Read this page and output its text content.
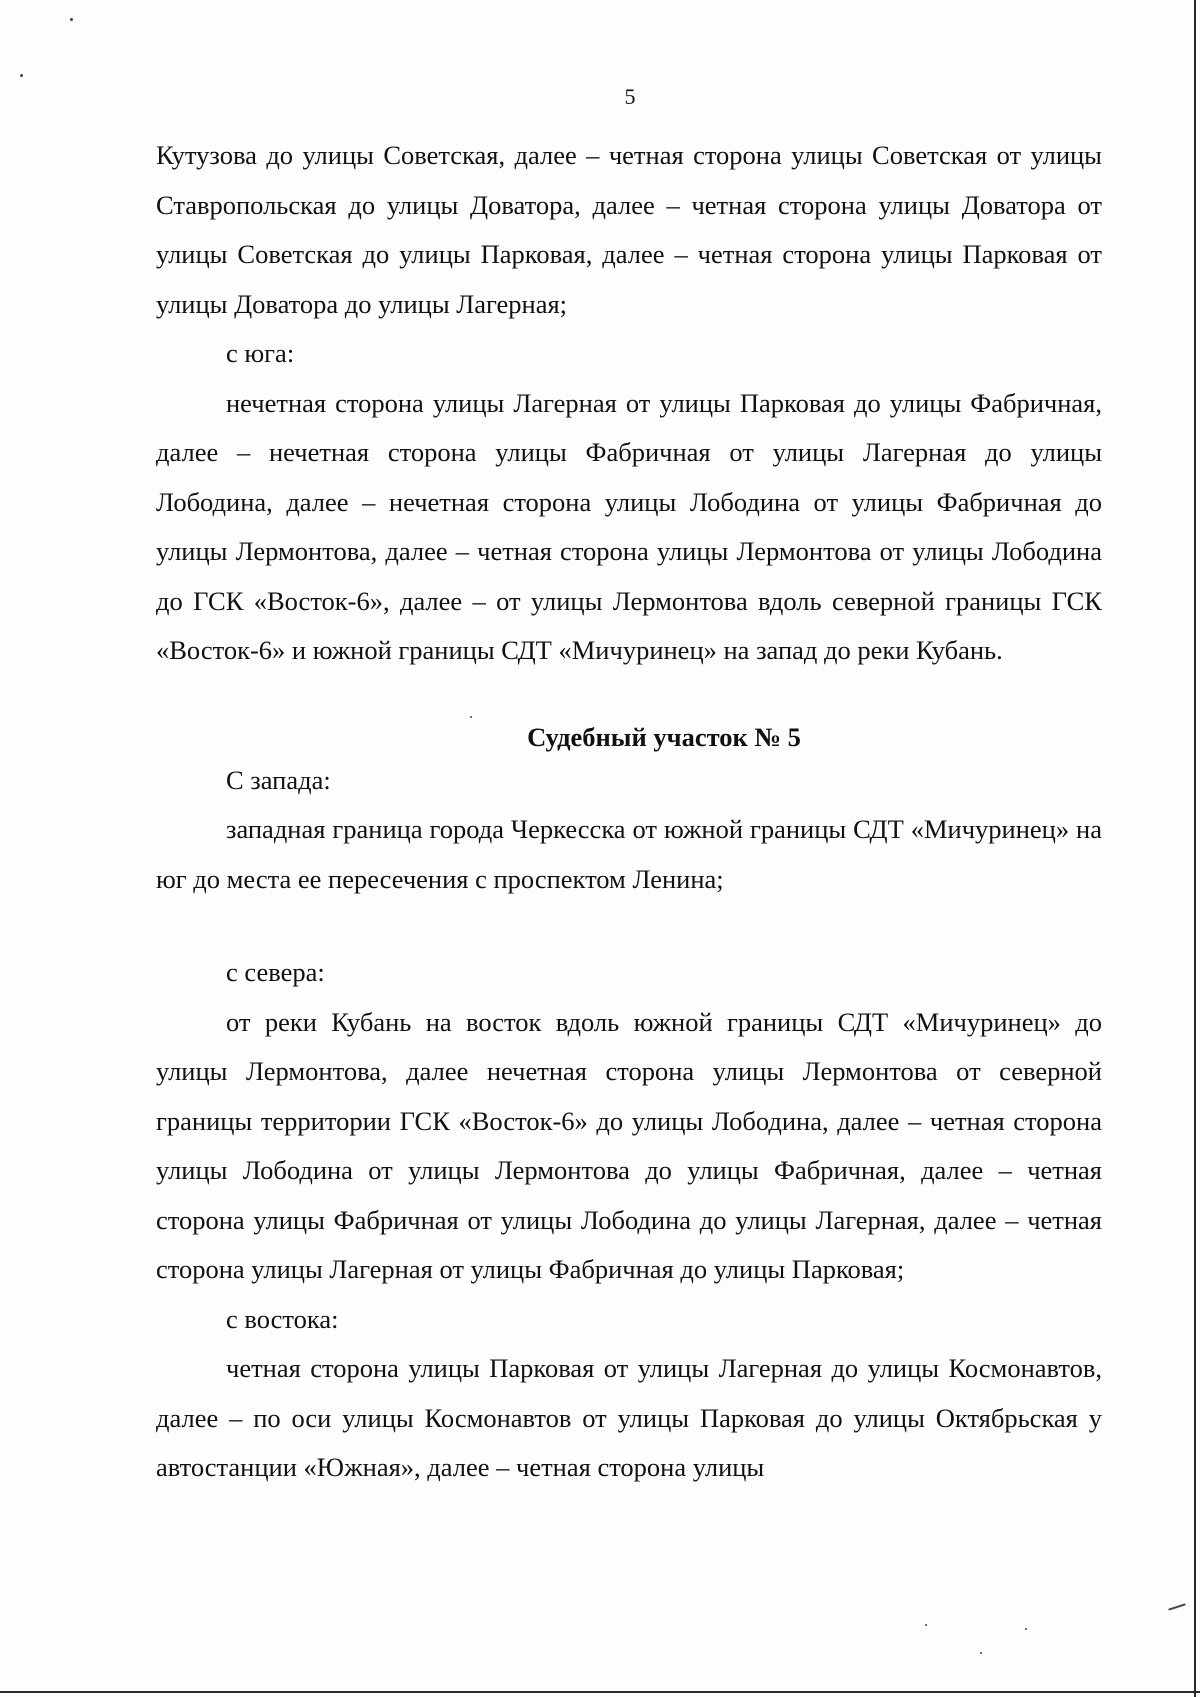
5

Кутузова до улицы Советская, далее – четная сторона улицы Советская от улицы Ставропольская до улицы Доватора, далее – четная сторона улицы Доватора от улицы Советская до улицы Парковая, далее – четная сторона улицы Парковая от улицы Доватора до улицы Лагерная;

с юга:

нечетная сторона улицы Лагерная от улицы Парковая до улицы Фабричная, далее – нечетная сторона улицы Фабричная от улицы Лагерная до улицы Лободина, далее – нечетная сторона улицы Лободина от улицы Фабричная до улицы Лермонтова, далее – четная сторона улицы Лермонтова от улицы Лободина до ГСК «Восток-6», далее – от улицы Лермонтова вдоль северной границы ГСК «Восток-6» и южной границы СДТ «Мичуринец» на запад до реки Кубань.

Судебный участок № 5

С запада:

западная граница города Черкесска от южной границы СДТ «Мичуринец» на юг до места ее пересечения с проспектом Ленина;

с севера:

от реки Кубань на восток вдоль южной границы СДТ «Мичуринец» до улицы Лермонтова, далее нечетная сторона улицы Лермонтова от северной границы территории ГСК «Восток-6» до улицы Лободина, далее – четная сторона улицы Лободина от улицы Лермонтова до улицы Фабричная, далее – четная сторона улицы Фабричная от улицы Лободина до улицы Лагерная, далее – четная сторона улицы Лагерная от улицы Фабричная до улицы Парковая;

с востока:

четная сторона улицы Парковая от улицы Лагерная до улицы Космонавтов, далее – по оси улицы Космонавтов от улицы Парковая до улицы Октябрьская у автостанции «Южная», далее – четная сторона улицы
